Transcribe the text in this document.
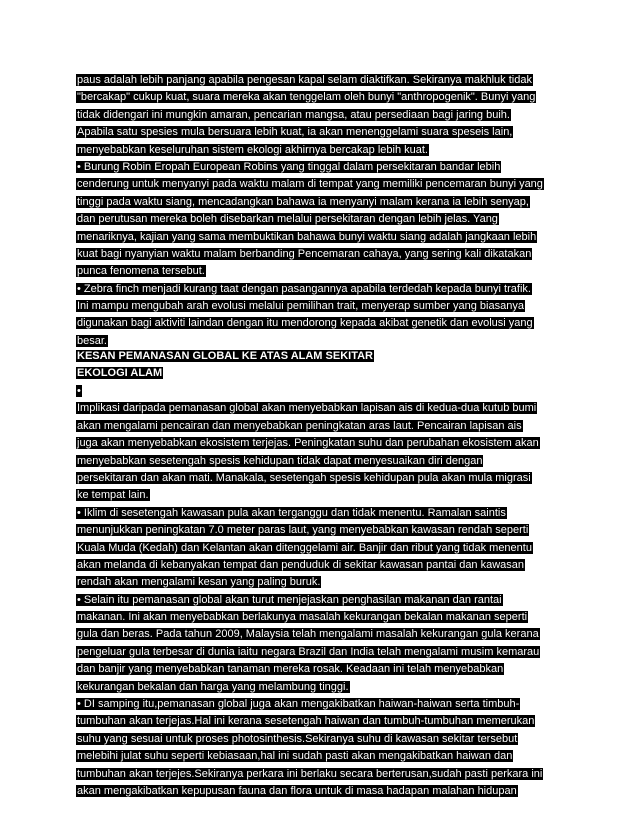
paus adalah lebih panjang apabila pengesan kapal selam diaktifkan. Sekiranya makhluk tidak
"bercakap" cukup kuat, suara mereka akan tenggelam oleh bunyi "anthropogenik". Bunyi yang
tidak didengari ini mungkin amaran, pencarian mangsa, atau persediaan bagi jaring buih.
Apabila satu spesies mula bersuara lebih kuat, ia akan menenggelami suara speseis lain,
menyebabkan keseluruhan sistem ekologi akhirnya bercakap lebih kuat.
• Burung Robin Eropah European Robins yang tinggal dalam persekitaran bandar lebih
cenderung untuk menyanyi pada waktu malam di tempat yang memiliki pencemaran bunyi yang
tinggi pada waktu siang, mencadangkan bahawa ia menyanyi malam kerana ia lebih senyap,
dan perutusan mereka boleh disebarkan melalui persekitaran dengan lebih jelas. Yang
menariknya, kajian yang sama membuktikan bahawa bunyi waktu siang adalah jangkaan lebih
kuat bagi nyanyian waktu malam berbanding Pencemaran cahaya, yang sering kali dikatakan
punca fenomena tersebut.
• Zebra finch menjadi kurang taat dengan pasangannya apabila terdedah kepada bunyi trafik.
Ini mampu mengubah arah evolusi melalui pemilihan trait, menyerap sumber yang biasanya
digunakan bagi aktiviti laindan dengan itu mendorong kepada akibat genetik dan evolusi yang
besar.
KESAN PEMANASAN GLOBAL KE ATAS ALAM SEKITAR
EKOLOGI ALAM
•
Implikasi daripada pemanasan global akan menyebabkan lapisan ais di kedua-dua kutub bumi
akan mengalami pencairan dan menyebabkan peningkatan aras laut. Pencairan lapisan ais
juga akan menyebabkan ekosistem terjejas. Peningkatan suhu dan perubahan ekosistem akan
menyebabkan sesetengah spesis kehidupan tidak dapat menyesuaikan diri dengan
persekitaran dan akan mati. Manakala, sesetengah spesis kehidupan pula akan mula migrasi
ke tempat lain.
• Iklim di sesetengah kawasan pula akan terganggu dan tidak menentu. Ramalan saintis
menunjukkan peningkatan 7.0 meter paras laut, yang menyebabkan kawasan rendah seperti
Kuala Muda (Kedah) dan Kelantan akan ditenggelami air. Banjir dan ribut yang tidak menentu
akan melanda di kebanyakan tempat dan penduduk di sekitar kawasan pantai dan kawasan
rendah akan mengalami kesan yang paling buruk.
• Selain itu pemanasan global akan turut menjejaskan penghasilan makanan dan rantai
makanan. Ini akan menyebabkan berlakunya masalah kekurangan bekalan makanan seperti
gula dan beras. Pada tahun 2009, Malaysia telah mengalami masalah kekurangan gula kerana
pengeluar gula terbesar di dunia iaitu negara Brazil dan India telah mengalami musim kemarau
dan banjir yang menyebabkan tanaman mereka rosak. Keadaan ini telah menyebabkan
kekurangan bekalan dan harga yang melambung tinggi.
• DI samping itu,pemanasan global juga akan mengakibatkan haiwan-haiwan serta timbuh-
tumbuhan akan terjejas.Hal ini kerana sesetengah haiwan dan tumbuh-tumbuhan memerukan
suhu yang sesuai untuk proses photosinthesis.Sekiranya suhu di kawasan sekitar tersebut
melebihi julat suhu seperti kebiasaan,hal ini sudah pasti akan mengakibatkan haiwan dan
tumbuhan akan terjejes.Sekiranya perkara ini berlaku secara berterusan,sudah pasti perkara ini
akan mengakibatkan kepupusan fauna dan flora untuk di masa hadapan malahan hidupan
